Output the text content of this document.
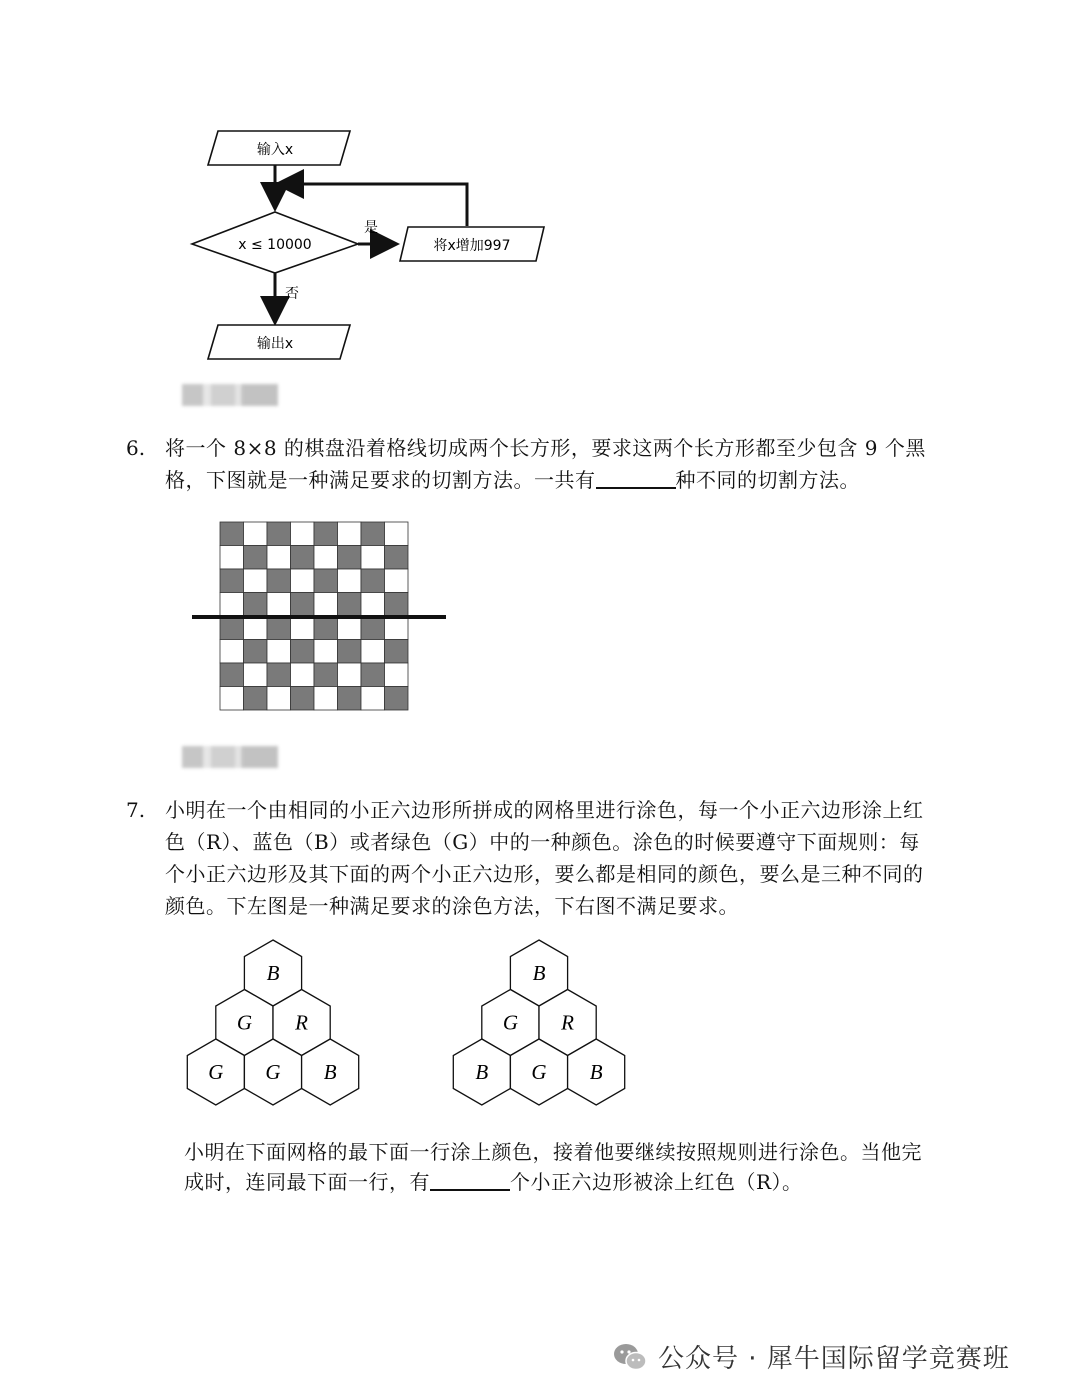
输入x
x ≤ 10000
是
将x增加997
否
输出x
6. 将一个 8×8 的棋盘沿着格线切成两个长方形，要求这两个长方形都至少包含 9 个黑
格，下图就是一种满足要求的切割方法。一共有	种不同的切割方法。
7. 小明在一个由相同的小正六边形所拼成的网格里进行涂色，每一个小正六边形涂上红
色（R）、蓝色（B）或者绿色（G）中的一种颜色。涂色的时候要遵守下面规则：每
个小正六边形及其下面的两个小正六边形，要么都是相同的颜色，要么是三种不同的
颜色。下左图是一种满足要求的涂色方法，下右图不满足要求。
B
G R
G G B
B
G R
B G B
小明在下面网格的最下面一行涂上颜色，接着他要继续按照规则进行涂色。当他完
成时，连同最下面一行，有	个小正六边形被涂上红色（R）。
公众号 · 犀牛国际留学竞赛班
